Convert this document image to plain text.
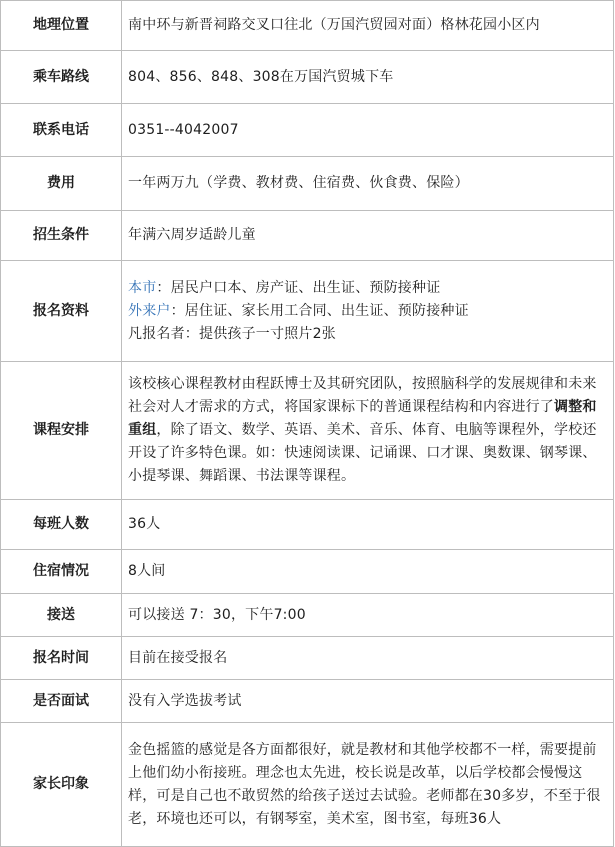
地理位置	南中环与新晋祠路交叉口往北（万国汽贸园对面）格林花园小区内
乘车路线	804、856、848、308在万国汽贸城下车
联系电话	0351--4042007
费用	一年两万九（学费、教材费、住宿费、伙食费、保险）
招生条件	年满六周岁适龄儿童
报名资料	本市：居民户口本、房产证、出生证、预防接种证
外来户：居住证、家长用工合同、出生证、预防接种证
凡报名者：提供孩子一寸照片2张

课程安排	该校核心课程教材由程跃博士及其研究团队，按照脑科学的发展规律和未来社会对人才需求的方式，将国家课标下的普通课程结构和内容进行了调整和重组，除了语文、数学、英语、美术、音乐、体育、电脑等课程外，学校还开设了许多特色课。如：快速阅读课、记诵课、口才课、奥数课、钢琴课、小提琴课、舞蹈课、书法课等课程。
每班人数	36人
住宿情况	8人间
接送	可以接送 7：30，下午7:00
报名时间	目前在接受报名
是否面试	没有入学选拔考试
家长印象	金色摇篮的感觉是各方面都很好，就是教材和其他学校都不一样，需要提前上他们幼小衔接班。理念也太先进，校长说是改革，以后学校都会慢慢这样，可是自己也不敢贸然的给孩子送过去试验。老师都在30多岁，不至于很老，环境也还可以，有钢琴室，美术室，图书室，每班36人
